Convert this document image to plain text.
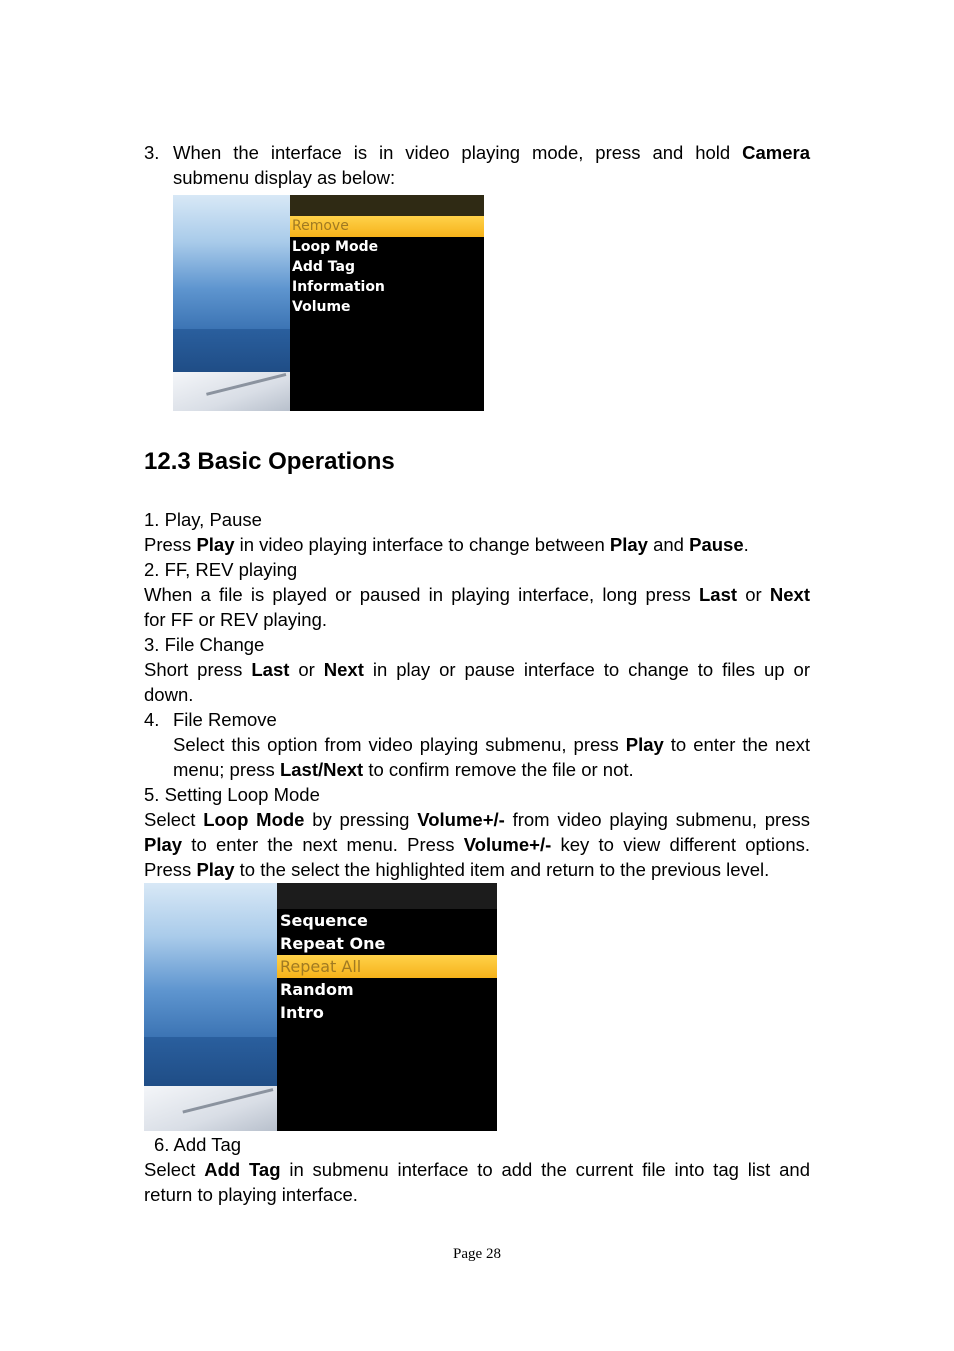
3. When the interface is in video playing mode, press and hold Camera
submenu display as below:
Remove
Loop Mode
Add Tag
Information
Volume
12.3 Basic Operations
1. Play, Pause
Press Play in video playing interface to change between Play and Pause.
2. FF, REV playing
When a file is played or paused in playing interface, long press Last or Next
for FF or REV playing.
3. File Change
Short press Last or Next in play or pause interface to change to files up or
down.
4. File Remove
Select this option from video playing submenu, press Play to enter the next
menu; press Last/Next to confirm remove the file or not.
5. Setting Loop Mode
Select Loop Mode by pressing Volume+/- from video playing submenu, press
Play to enter the next menu. Press Volume+/- key to view different options.
Press Play to the select the highlighted item and return to the previous level.
Sequence
Repeat One
Repeat All
Random
Intro
6. Add Tag
Select Add Tag in submenu interface to add the current file into tag list and
return to playing interface.
Page 28
